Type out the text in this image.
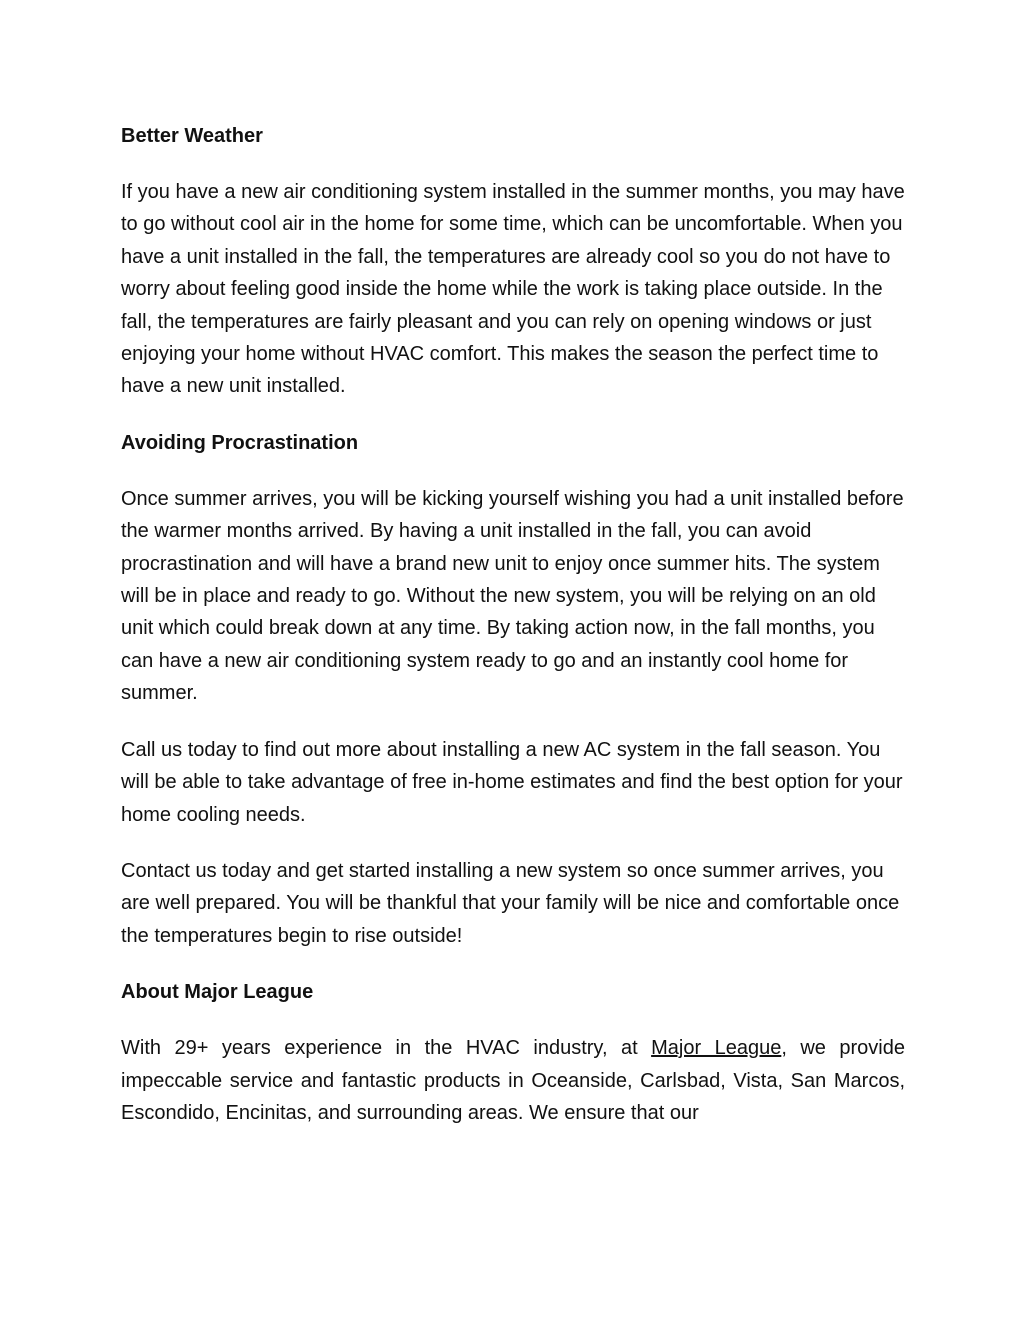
Better Weather

If you have a new air conditioning system installed in the summer months, you may have to go without cool air in the home for some time, which can be uncomfortable. When you have a unit installed in the fall, the temperatures are already cool so you do not have to worry about feeling good inside the home while the work is taking place outside. In the fall, the temperatures are fairly pleasant and you can rely on opening windows or just enjoying your home without HVAC comfort. This makes the season the perfect time to have a new unit installed.

Avoiding Procrastination

Once summer arrives, you will be kicking yourself wishing you had a unit installed before the warmer months arrived. By having a unit installed in the fall, you can avoid procrastination and will have a brand new unit to enjoy once summer hits. The system will be in place and ready to go. Without the new system, you will be relying on an old unit which could break down at any time. By taking action now, in the fall months, you can have a new air conditioning system ready to go and an instantly cool home for summer.

Call us today to find out more about installing a new AC system in the fall season. You will be able to take advantage of free in-home estimates and find the best option for your home cooling needs.

Contact us today and get started installing a new system so once summer arrives, you are well prepared. You will be thankful that your family will be nice and comfortable once the temperatures begin to rise outside!

About Major League

With 29+ years experience in the HVAC industry, at Major League, we provide impeccable service and fantastic products in Oceanside, Carlsbad, Vista, San Marcos, Escondido, Encinitas, and surrounding areas. We ensure that our
